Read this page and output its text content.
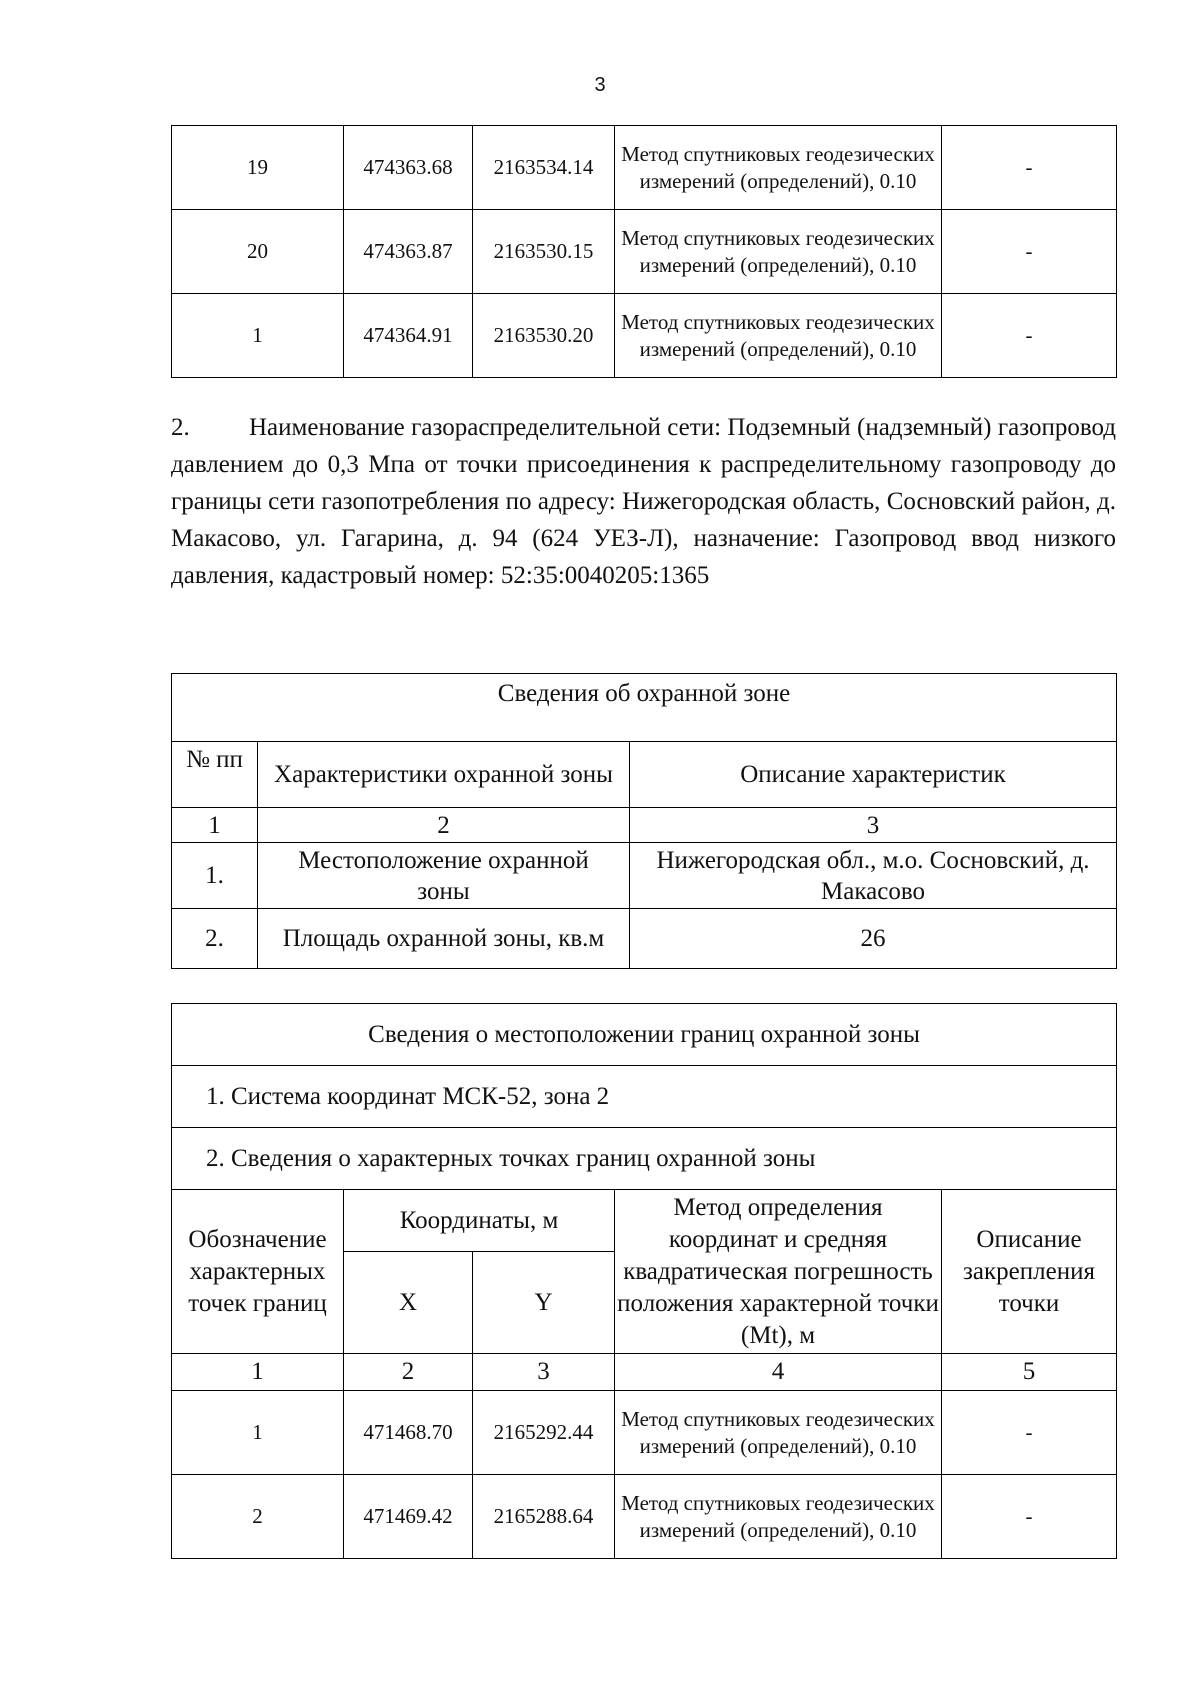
3
19	474363.68	2163534.14	Метод спутниковых геодезических измерений (определений), 0.10	-
20	474363.87	2163530.15	Метод спутниковых геодезических измерений (определений), 0.10	-
1	474364.91	2163530.20	Метод спутниковых геодезических измерений (определений), 0.10	-

2. Наименование газораспределительной сети: Подземный (надземный) газопровод давлением до 0,3 Мпа от точки присоединения к распределительному газопроводу до границы сети газопотребления по адресу: Нижегородская область, Сосновский район, д. Макасово, ул. Гагарина, д. 94 (624 УЕЗ-Л), назначение: Газопровод ввод низкого давления, кадастровый номер: 52:35:0040205:1365

Сведения об охранной зоне		
№ пп	Характеристики охранной зоны	Описание характеристик
1	2	3
1.	Местоположение охранной зоны	Нижегородская обл., м.о. Сосновский, д. Макасово
2.	Площадь охранной зоны, кв.м	26
Сведения о местоположении границ охранной зоны				
1. Система координат МСК-52, зона 2				
2. Сведения о характерных точках границ охранной зоны				
Обозначение характерных точек границ	Координаты, м		Метод определения координат и средняя квадратическая погрешность положения характерной точки (Mt), м	Описание закрепления точки
	X	Y		
1	2	3	4	5
1	471468.70	2165292.44	Метод спутниковых геодезических измерений (определений), 0.10	-
2	471469.42	2165288.64	Метод спутниковых геодезических измерений (определений), 0.10	-
